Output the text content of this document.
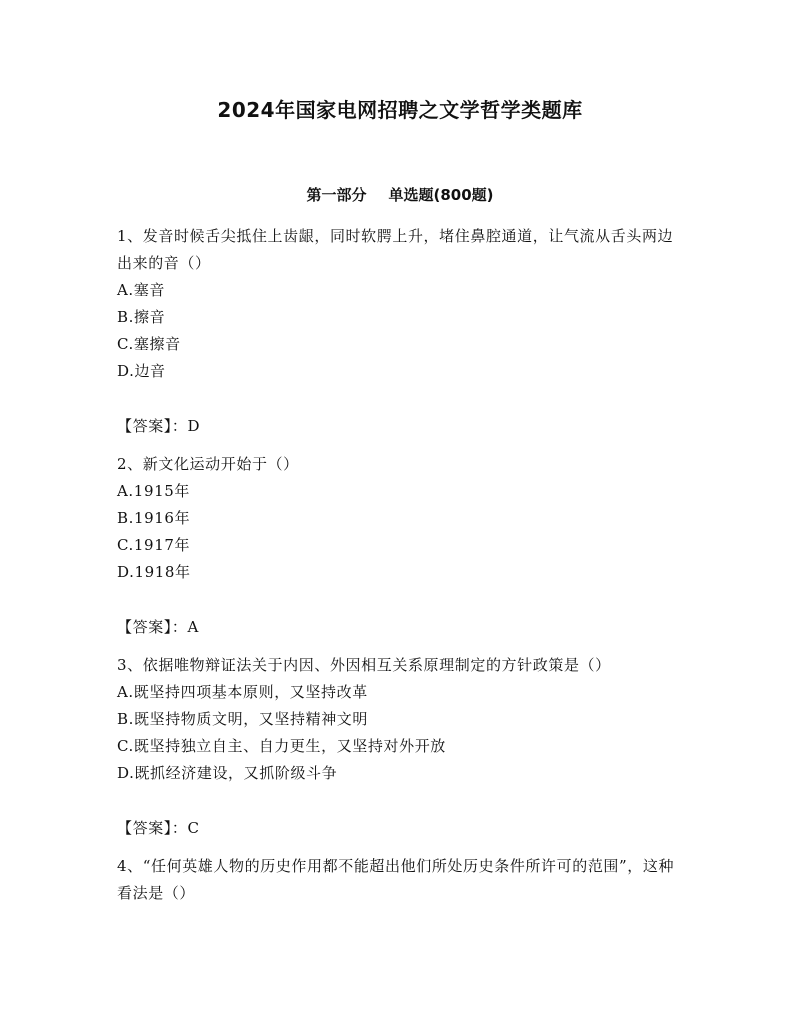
2024年国家电网招聘之文学哲学类题库
第一部分 单选题(800题)

1、发音时候舌尖抵住上齿龈，同时软腭上升，堵住鼻腔通道，让气流从舌头两边出来的音（）

A.塞音

B.擦音

C.塞擦音

D.边音

【答案】：D

2、新文化运动开始于（）

A.1915年

B.1916年

C.1917年

D.1918年

【答案】：A

3、依据唯物辩证法关于内因、外因相互关系原理制定的方针政策是（）

A.既坚持四项基本原则，又坚持改革

B.既坚持物质文明，又坚持精神文明

C.既坚持独立自主、自力更生，又坚持对外开放

D.既抓经济建设，又抓阶级斗争

【答案】：C

4、“任何英雄人物的历史作用都不能超出他们所处历史条件所许可的范围”，这种看法是（）
